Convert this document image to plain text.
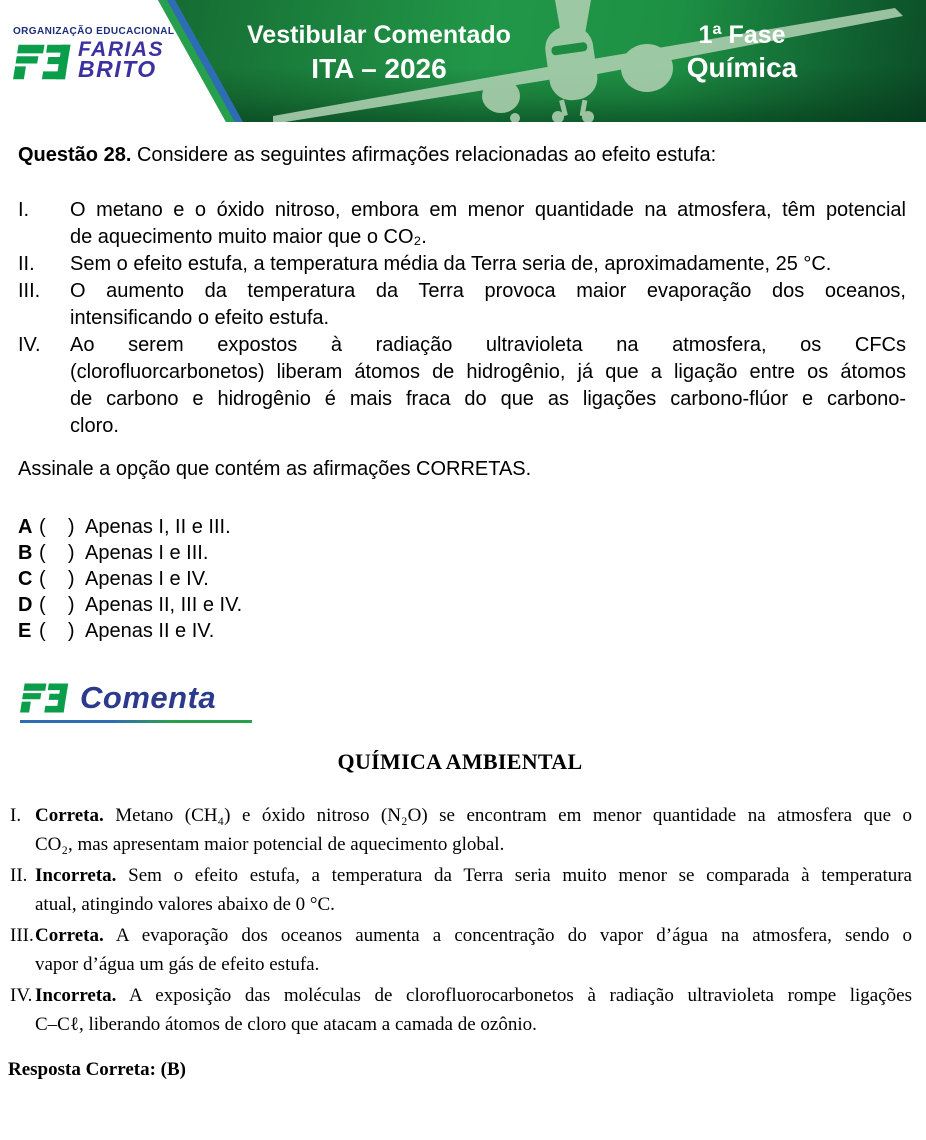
ORGANIZAÇÃO EDUCACIONAL
FARIAS
BRITO
Vestibular Comentado
ITA – 2026
1ª Fase
Química

Questão 28. Considere as seguintes afirmações relacionadas ao efeito estufa:

I. O metano e o óxido nitroso, embora em menor quantidade na atmosfera, têm potencial
de aquecimento muito maior que o CO₂.
II. Sem o efeito estufa, a temperatura média da Terra seria de, aproximadamente, 25 °C.
III. O aumento da temperatura da Terra provoca maior evaporação dos oceanos,
intensificando o efeito estufa.
IV. Ao serem expostos à radiação ultravioleta na atmosfera, os CFCs
(clorofluorcarbonetos) liberam átomos de hidrogênio, já que a ligação entre os átomos
de carbono e hidrogênio é mais fraca do que as ligações carbono-flúor e carbono-
cloro.

Assinale a opção que contém as afirmações CORRETAS.

A (    ) Apenas I, II e III.
B (    ) Apenas I e III.
C (    ) Apenas I e IV.
D (    ) Apenas II, III e IV.
E (    ) Apenas II e IV.
Comenta
QUÍMICA AMBIENTAL
I. Correta. Metano (CH₄) e óxido nitroso (N₂O) se encontram em menor quantidade na atmosfera que o
CO₂, mas apresentam maior potencial de aquecimento global.
II. Incorreta. Sem o efeito estufa, a temperatura da Terra seria muito menor se comparada à temperatura
atual, atingindo valores abaixo de 0 °C.
III. Correta. A evaporação dos oceanos aumenta a concentração do vapor d’água na atmosfera, sendo o
vapor d’água um gás de efeito estufa.
IV. Incorreta. A exposição das moléculas de clorofluorocarbonetos à radiação ultravioleta rompe ligações
C–Cℓ, liberando átomos de cloro que atacam a camada de ozônio.

Resposta Correta: (B)
